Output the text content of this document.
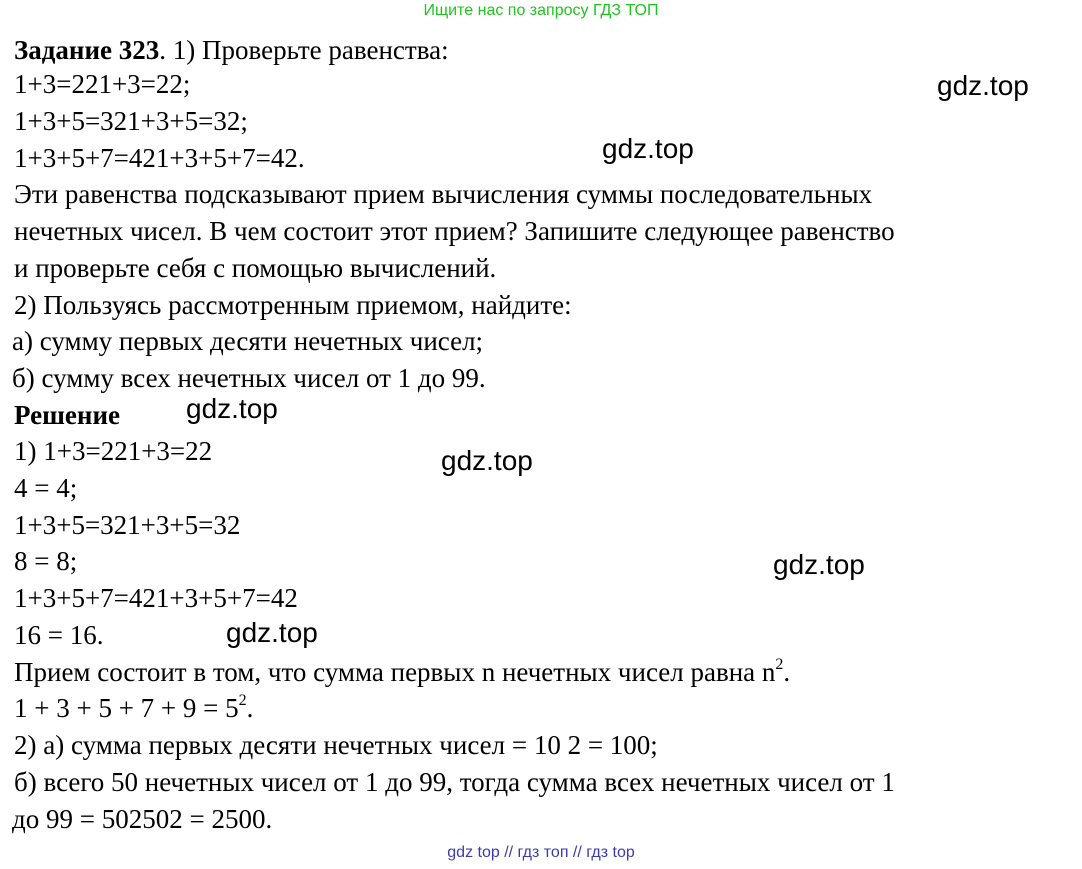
Ищите нас по запросу ГДЗ ТОП
Задание 323. 1) Проверьте равенства:
1+3=221+3=22;
1+3+5=321+3+5=32;
1+3+5+7=421+3+5+7=42.
Эти равенства подсказывают прием вычисления суммы последовательных
нечетных чисел. В чем состоит этот прием? Запишите следующее равенство
и проверьте себя с помощью вычислений.
2) Пользуясь рассмотренным приемом, найдите:
а) сумму первых десяти нечетных чисел;
б) сумму всех нечетных чисел от 1 до 99.
Решение
1) 1+3=221+3=22
4 = 4;
1+3+5=321+3+5=32
8 = 8;
1+3+5+7=421+3+5+7=42
16 = 16.
Прием состоит в том, что сумма первых n нечетных чисел равна $n^2$.
$1 + 3 + 5 + 7 + 9 = 5^2$.
2) а) сумма первых десяти нечетных чисел = 10 2 = 100;
б) всего 50 нечетных чисел от 1 до 99, тогда сумма всех нечетных чисел от 1
до 99 = 502502 = 2500.
gdz.top
gdz.top
gdz.top
gdz.top
gdz.top
gdz.top
gdz top // гдз топ // гдз top
